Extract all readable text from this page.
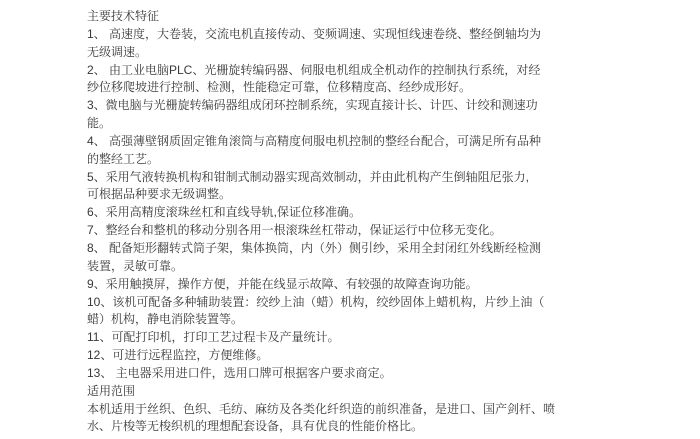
主要技术特征
1、 高速度，大卷装，交流电机直接传动、变频调速、实现恒线速卷绕、整经倒轴均为
无级调速。
2、 由工业电脑PLC、光栅旋转编码器、伺服电机组成全机动作的控制执行系统，对经
纱位移爬坡进行控制、检测，性能稳定可靠，位移精度高、经纱成形好。
3、微电脑与光栅旋转编码器组成闭环控制系统，实现直接计长、计匹、计绞和测速功
能。
4、 高强薄壁钢质固定锥角滚筒与高精度伺服电机控制的整经台配合，可满足所有品种
的整经工艺。
5、采用气液转换机构和钳制式制动器实现高效制动，并由此机构产生倒轴阻尼张力,
可根据品种要求无级调整。
6、采用高精度滚珠丝杠和直线导轨,保证位移准确。
7、整经台和整机的移动分别各用一根滚珠丝杠带动，保证运行中位移无变化。
8、 配备矩形翻转式筒子架，集体换筒，内（外）侧引纱，采用全封闭红外线断经检测
装置，灵敏可靠。
9、采用触摸屏，操作方便，并能在线显示故障、有较强的故障查询功能。
10、该机可配备多种辅助装置：绞纱上油（蜡）机构，绞纱固体上蜡机构，片纱上油（
蜡）机构，静电消除装置等。
11、可配打印机，打印工艺过程卡及产量统计。
12、可进行远程监控，方便维修。
13、 主电器采用进口件，选用口牌可根据客户要求商定。
适用范围
本机适用于丝织、色织、毛纺、麻纺及各类化纤织造的前织准备，是进口、国产剑杆、喷
水、片梭等无梭织机的理想配套设备，具有优良的性能价格比。
